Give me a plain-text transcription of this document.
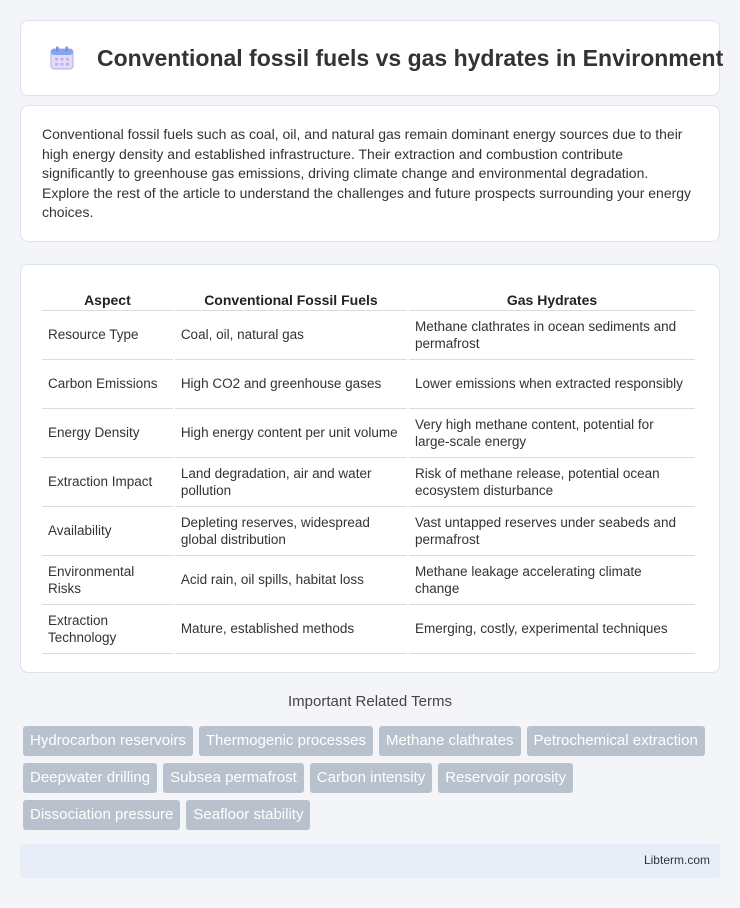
Conventional fossil fuels vs gas hydrates in Environment

Conventional fossil fuels such as coal, oil, and natural gas remain dominant energy sources due to their high energy density and established infrastructure. Their extraction and combustion contribute significantly to greenhouse gas emissions, driving climate change and environmental degradation. Explore the rest of the article to understand the challenges and future prospects surrounding your energy choices.

Aspect	Conventional Fossil Fuels	Gas Hydrates
Resource Type	Coal, oil, natural gas	Methane clathrates in ocean sediments and permafrost
Carbon Emissions	High CO2 and greenhouse gases	Lower emissions when extracted responsibly
Energy Density	High energy content per unit volume	Very high methane content, potential for large-scale energy
Extraction Impact	Land degradation, air and water pollution	Risk of methane release, potential ocean ecosystem disturbance
Availability	Depleting reserves, widespread global distribution	Vast untapped reserves under seabeds and permafrost
Environmental Risks	Acid rain, oil spills, habitat loss	Methane leakage accelerating climate change
Extraction Technology	Mature, established methods	Emerging, costly, experimental techniques
Important Related Terms
Hydrocarbon reservoirs	Thermogenic processes	Methane clathrates	Petrochemical extraction
Deepwater drilling	Subsea permafrost	Carbon intensity	Reservoir porosity
Dissociation pressure	Seafloor stability
Libterm.com
